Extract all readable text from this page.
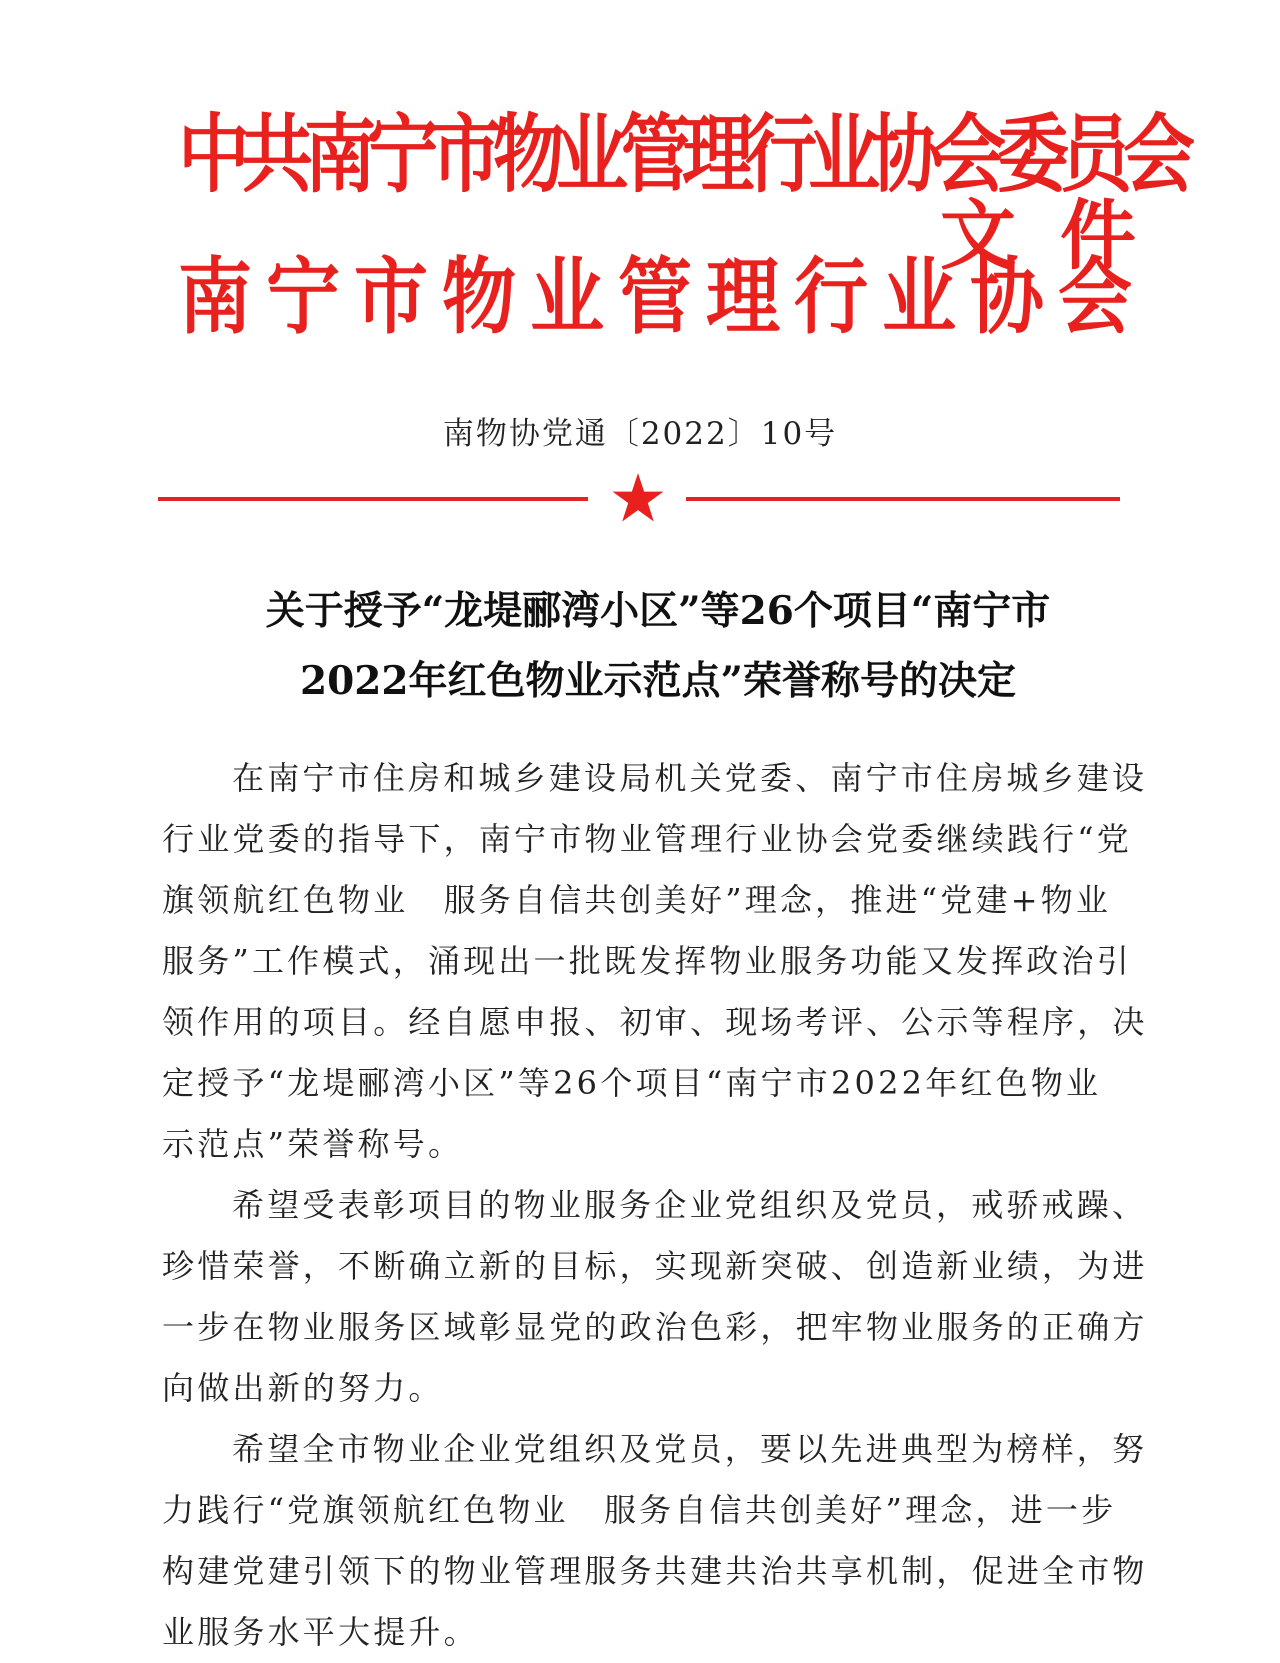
中共南宁市物业管理行业协会委员会
南宁市物业管理行业协会
文件
南物协党通〔2022〕10号
关于授予“龙堤郦湾小区”等26个项目“南宁市
2022年红色物业示范点”荣誉称号的决定

在南宁市住房和城乡建设局机关党委、南宁市住房城乡建设
行业党委的指导下，南宁市物业管理行业协会党委继续践行“党
旗领航红色物业　服务自信共创美好”理念，推进“党建+物业
服务”工作模式，涌现出一批既发挥物业服务功能又发挥政治引
领作用的项目。经自愿申报、初审、现场考评、公示等程序，决
定授予“龙堤郦湾小区”等26个项目“南宁市2022年红色物业
示范点”荣誉称号。

希望受表彰项目的物业服务企业党组织及党员，戒骄戒躁、
珍惜荣誉，不断确立新的目标，实现新突破、创造新业绩，为进
一步在物业服务区域彰显党的政治色彩，把牢物业服务的正确方
向做出新的努力。

希望全市物业企业党组织及党员，要以先进典型为榜样，努
力践行“党旗领航红色物业　服务自信共创美好”理念，进一步
构建党建引领下的物业管理服务共建共治共享机制，促进全市物
业服务水平大提升。
